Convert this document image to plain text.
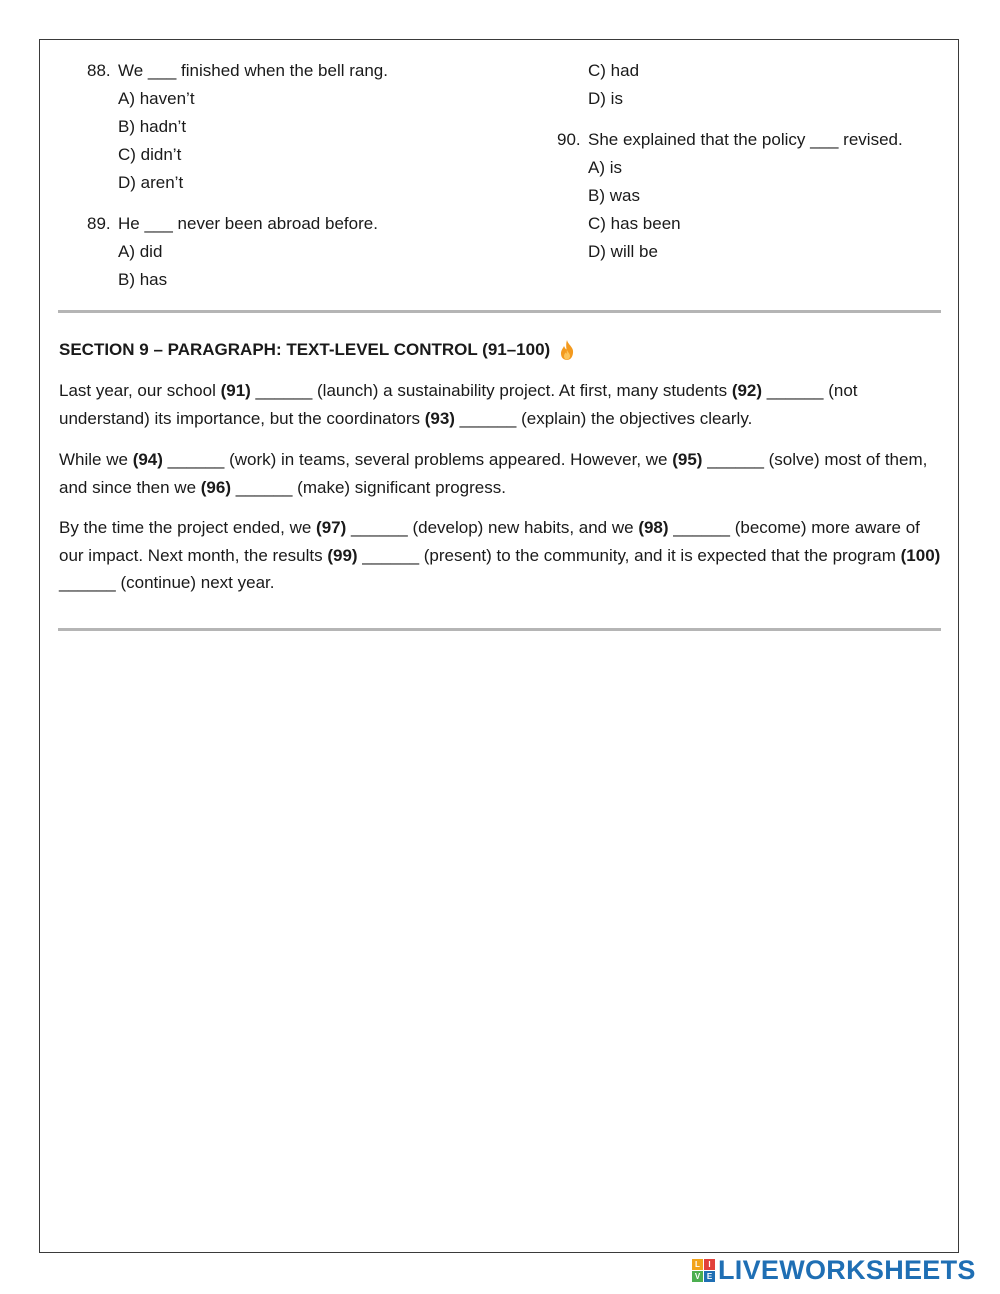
88. We ___ finished when the bell rang.
A) haven’t
B) hadn’t
C) didn’t
D) aren’t
89. He ___ never been abroad before.
A) did
B) has
C) had
D) is
90. She explained that the policy ___ revised.
A) is
B) was
C) has been
D) will be
SECTION 9 – PARAGRAPH: TEXT-LEVEL CONTROL (91–100)

Last year, our school (91) ______ (launch) a sustainability project. At first, many students (92) ______ (not understand) its importance, but the coordinators (93) ______ (explain) the objectives clearly.

While we (94) ______ (work) in teams, several problems appeared. However, we (95) ______ (solve) most of them, and since then we (96) ______ (make) significant progress.

By the time the project ended, we (97) ______ (develop) new habits, and we (98) ______ (become) more aware of our impact. Next month, the results (99) ______ (present) to the community, and it is expected that the program (100) ______ (continue) next year.

L	I
V E LIVEWORKSHEETS
